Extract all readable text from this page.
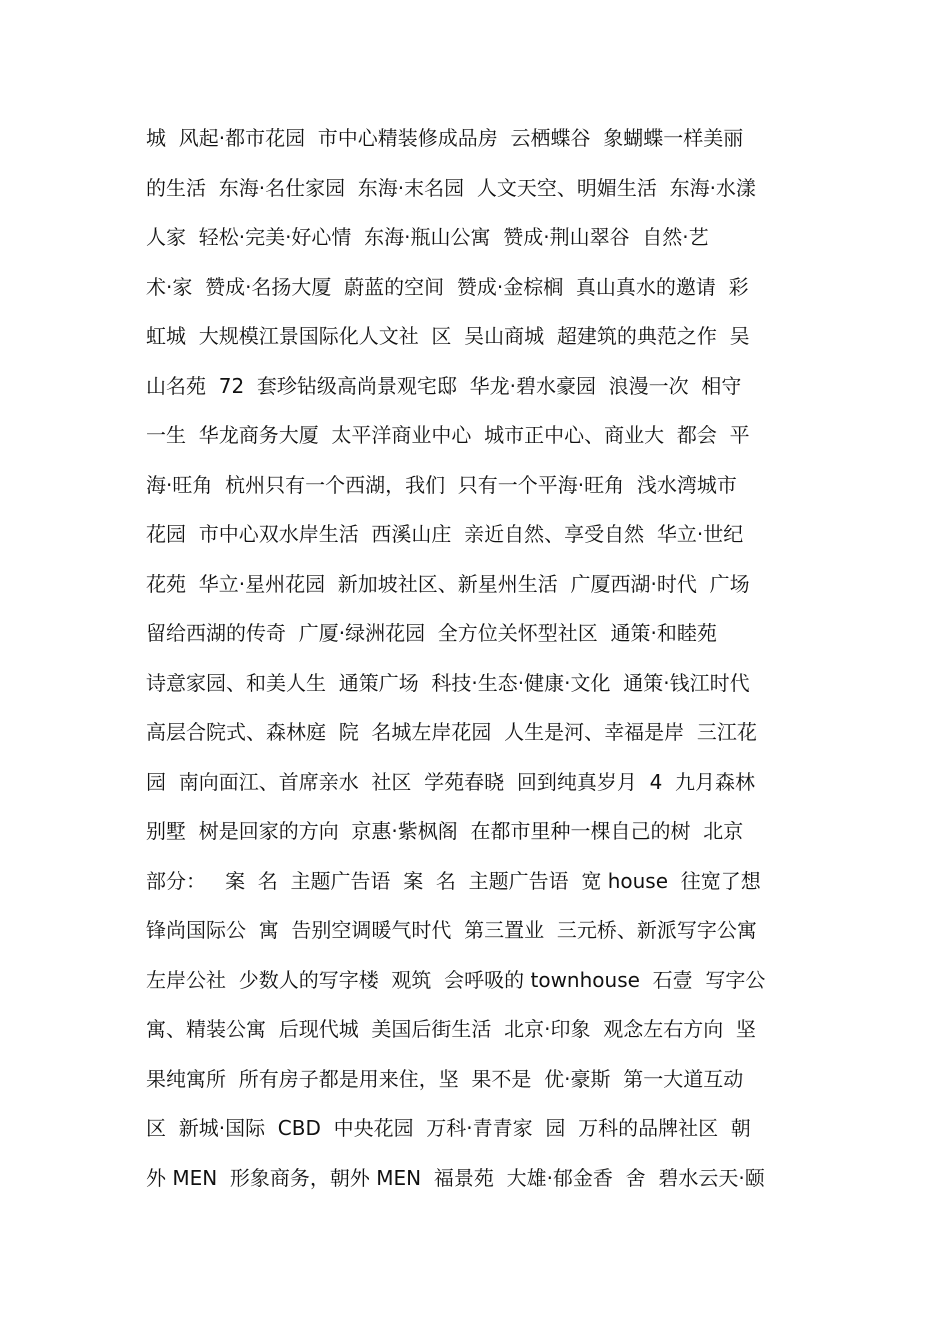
城  风起·都市花园  市中心精装修成品房  云栖蝶谷  象蝴蝶一样美丽
的生活  东海·名仕家园  东海·末名园  人文天空、明媚生活  东海·水漾
人家  轻松·完美·好心情  东海·瓶山公寓  赞成·荆山翠谷  自然·艺
术·家  赞成·名扬大厦  蔚蓝的空间  赞成·金棕榈  真山真水的邀请  彩
虹城  大规模江景国际化人文社  区  吴山商城  超建筑的典范之作  吴
山名苑  72  套珍钻级高尚景观宅邸  华龙·碧水豪园  浪漫一次  相守
一生  华龙商务大厦  太平洋商业中心  城市正中心、商业大  都会  平
海·旺角  杭州只有一个西湖，我们  只有一个平海·旺角  浅水湾城市
花园  市中心双水岸生活  西溪山庄  亲近自然、享受自然  华立·世纪
花苑  华立·星州花园  新加坡社区、新星州生活  广厦西湖·时代  广场
留给西湖的传奇  广厦·绿洲花园  全方位关怀型社区  通策·和睦苑
诗意家园、和美人生  通策广场  科技·生态·健康·文化  通策·钱江时代
高层合院式、森林庭  院  名城左岸花园  人生是河、幸福是岸  三江花
园  南向面江、首席亲水  社区  学苑春晓  回到纯真岁月  4  九月森林
别墅  树是回家的方向  京惠·紫枫阁  在都市里种一棵自己的树  北京
部分：   案  名  主题广告语  案  名  主题广告语  宽 house  往宽了想
锋尚国际公  寓  告别空调暖气时代  第三置业  三元桥、新派写字公寓
左岸公社  少数人的写字楼  观筑  会呼吸的 townhouse  石壹  写字公
寓、精装公寓  后现代城  美国后街生活  北京·印象  观念左右方向  坚
果纯寓所  所有房子都是用来住，坚  果不是  优·豪斯  第一大道互动
区  新城·国际  CBD  中央花园  万科·青青家  园  万科的品牌社区  朝
外 MEN  形象商务，朝外 MEN  福景苑  大雄·郁金香  舍  碧水云天·颐
